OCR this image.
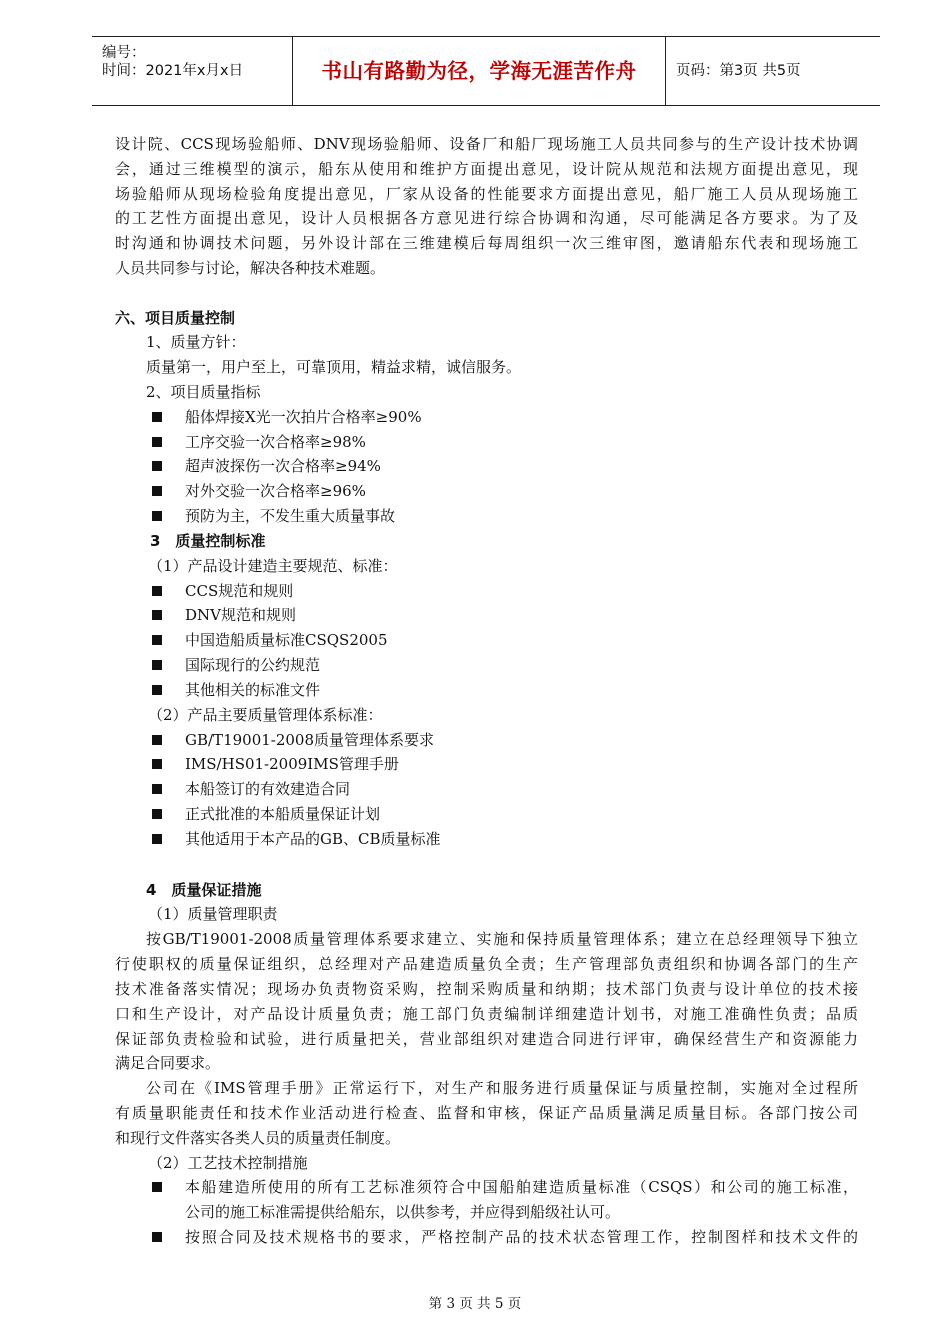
编号：
时间：2021年x月x日	书山有路勤为径，学海无涯苦作舟	页码：第3页 共5页
设计院、CCS现场验船师、DNV现场验船师、设备厂和船厂现场施工人员共同参与的生产设计技术协调
会，通过三维模型的演示，船东从使用和维护方面提出意见，设计院从规范和法规方面提出意见，现
场验船师从现场检验角度提出意见，厂家从设备的性能要求方面提出意见，船厂施工人员从现场施工
的工艺性方面提出意见，设计人员根据各方意见进行综合协调和沟通，尽可能满足各方要求。为了及
时沟通和协调技术问题，另外设计部在三维建模后每周组织一次三维审图，邀请船东代表和现场施工
人员共同参与讨论，解决各种技术难题。
六、项目质量控制
1、质量方针：
质量第一，用户至上，可靠顶用，精益求精，诚信服务。
2、项目质量指标
船体焊接X光一次拍片合格率≥90%
工序交验一次合格率≥98%
超声波探伤一次合格率≥94%
对外交验一次合格率≥96%
预防为主，不发生重大质量事故
3　质量控制标准
（1）产品设计建造主要规范、标准：
CCS规范和规则
DNV规范和规则
中国造船质量标准CSQS2005
国际现行的公约规范
其他相关的标准文件
（2）产品主要质量管理体系标准：
GB/T19001-2008质量管理体系要求
IMS/HS01-2009IMS管理手册
本船签订的有效建造合同
正式批准的本船质量保证计划
其他适用于本产品的GB、CB质量标准
4　质量保证措施
（1）质量管理职责
按GB/T19001-2008质量管理体系要求建立、实施和保持质量管理体系；建立在总经理领导下独立
行使职权的质量保证组织，总经理对产品建造质量负全责；生产管理部负责组织和协调各部门的生产
技术准备落实情况；现场办负责物资采购，控制采购质量和纳期；技术部门负责与设计单位的技术接
口和生产设计，对产品设计质量负责；施工部门负责编制详细建造计划书，对施工准确性负责；品质
保证部负责检验和试验，进行质量把关，营业部组织对建造合同进行评审，确保经营生产和资源能力
满足合同要求。
公司在《IMS管理手册》正常运行下，对生产和服务进行质量保证与质量控制，实施对全过程所
有质量职能责任和技术作业活动进行检查、监督和审核，保证产品质量满足质量目标。各部门按公司
和现行文件落实各类人员的质量责任制度。
（2）工艺技术控制措施
本船建造所使用的所有工艺标准须符合中国船舶建造质量标准（CSQS）和公司的施工标准，
公司的施工标准需提供给船东，以供参考，并应得到船级社认可。
按照合同及技术规格书的要求，严格控制产品的技术状态管理工作，控制图样和技术文件的
第 3 页 共 5 页
